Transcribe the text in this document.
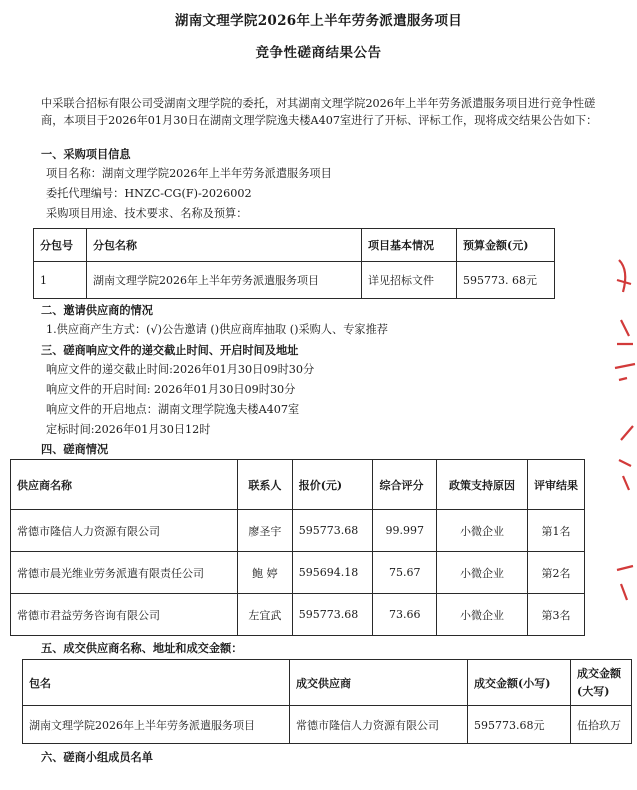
湖南文理学院2026年上半年劳务派遣服务项目
竞争性磋商结果公告
中采联合招标有限公司受湖南文理学院的委托，对其湖南文理学院2026年上半年劳务派遣服务项目进行竞争性磋商，本项目于2026年01月30日在湖南文理学院逸夫楼A407室进行了开标、评标工作，现将成交结果公告如下：
一、采购项目信息
项目名称：湖南文理学院2026年上半年劳务派遣服务项目
委托代理编号：HNZC-CG(F)-2026002
采购项目用途、技术要求、名称及预算：
分包号	分包名称	项目基本情况	预算金额(元)
1	湖南文理学院2026年上半年劳务派遣服务项目	详见招标文件	595773. 68元
二、邀请供应商的情况
1.供应商产生方式：(√)公告邀请 ()供应商库抽取 ()采购人、专家推荐
三、磋商响应文件的递交截止时间、开启时间及地址
响应文件的递交截止时间:2026年01月30日09时30分
响应文件的开启时间: 2026年01月30日09时30分
响应文件的开启地点：湖南文理学院逸夫楼A407室
定标时间:2026年01月30日12时
四、磋商情况
供应商名称	联系人	报价(元)	综合评分	政策支持原因	评审结果
常德市隆信人力资源有限公司	廖圣宇	595773.68	99.997	小微企业	第1名
常德市晨光维业劳务派遣有限责任公司	鲍 婷	595694.18	75.67	小微企业	第2名
常德市君益劳务咨询有限公司	左宜武	595773.68	73.66	小微企业	第3名
五、成交供应商名称、地址和成交金额：
包名	成交供应商	成交金额(小写)	成交金额
(大写)

湖南文理学院2026年上半年劳务派遣服务项目	常德市隆信人力资源有限公司	595773.68元	伍拾玖万
六、磋商小组成员名单
